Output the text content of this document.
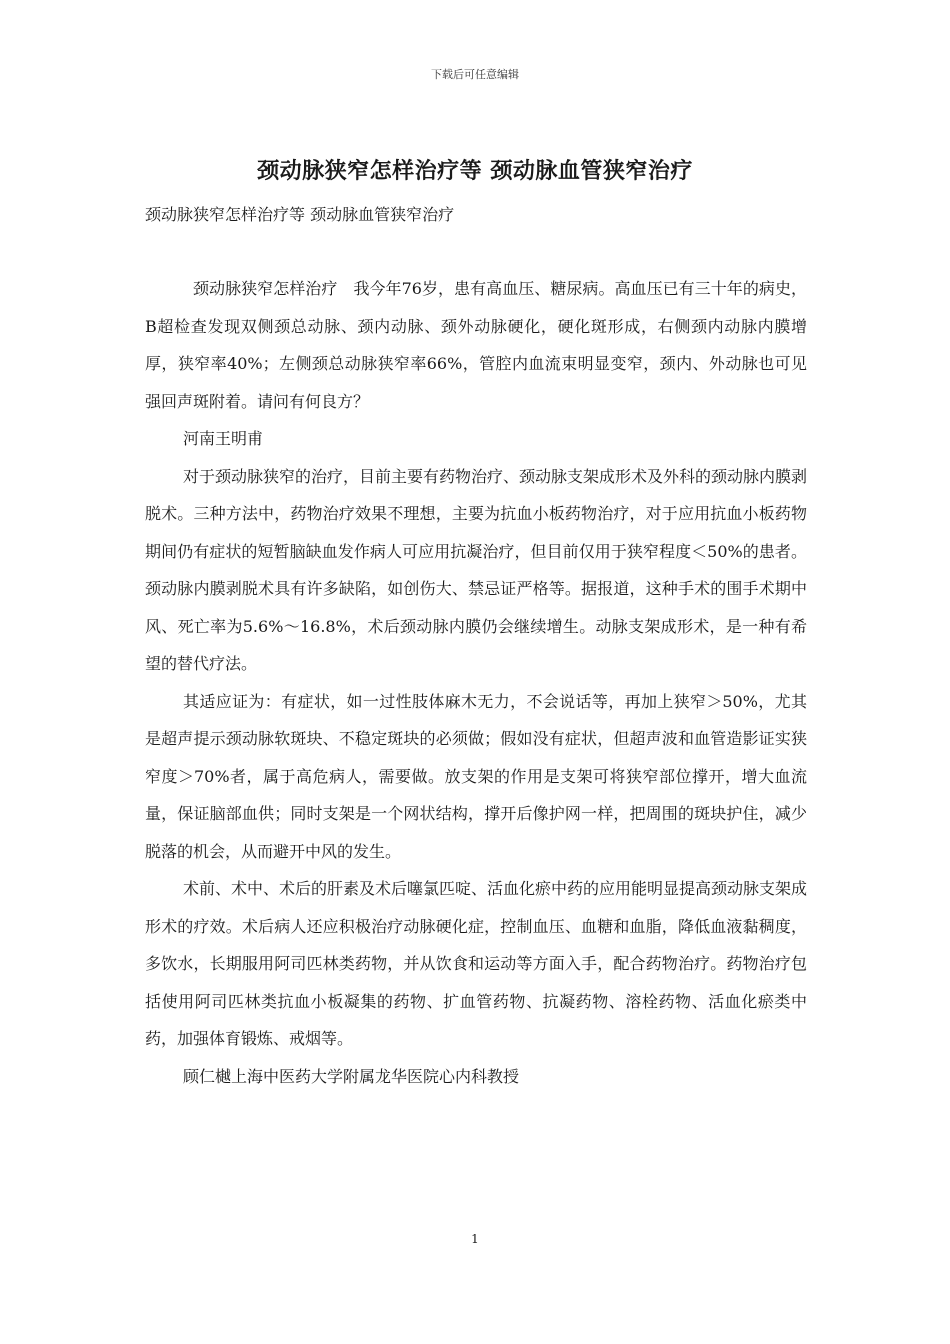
下载后可任意编辑
颈动脉狭窄怎样治疗等 颈动脉血管狭窄治疗
颈动脉狭窄怎样治疗等 颈动脉血管狭窄治疗

颈动脉狭窄怎样治疗　我今年76岁，患有高血压、糖尿病。高血压已有三十年的病史，B超检查发现双侧颈总动脉、颈内动脉、颈外动脉硬化，硬化斑形成，右侧颈内动脉内膜增厚，狭窄率40%；左侧颈总动脉狭窄率66%，管腔内血流束明显变窄，颈内、外动脉也可见强回声斑附着。请问有何良方？

河南王明甫

对于颈动脉狭窄的治疗，目前主要有药物治疗、颈动脉支架成形术及外科的颈动脉内膜剥脱术。三种方法中，药物治疗效果不理想，主要为抗血小板药物治疗，对于应用抗血小板药物期间仍有症状的短暂脑缺血发作病人可应用抗凝治疗，但目前仅用于狭窄程度＜50%的患者。颈动脉内膜剥脱术具有许多缺陷，如创伤大、禁忌证严格等。据报道，这种手术的围手术期中风、死亡率为5.6%～16.8%，术后颈动脉内膜仍会继续增生。动脉支架成形术，是一种有希望的替代疗法。

其适应证为：有症状，如一过性肢体麻木无力，不会说话等，再加上狭窄＞50%，尤其是超声提示颈动脉软斑块、不稳定斑块的必须做；假如没有症状，但超声波和血管造影证实狭窄度＞70%者，属于高危病人，需要做。放支架的作用是支架可将狭窄部位撑开，增大血流量，保证脑部血供；同时支架是一个网状结构，撑开后像护网一样，把周围的斑块护住，减少脱落的机会，从而避开中风的发生。

术前、术中、术后的肝素及术后噻氯匹啶、活血化瘀中药的应用能明显提高颈动脉支架成形术的疗效。术后病人还应积极治疗动脉硬化症，控制血压、血糖和血脂，降低血液黏稠度，多饮水，长期服用阿司匹林类药物，并从饮食和运动等方面入手，配合药物治疗。药物治疗包括使用阿司匹林类抗血小板凝集的药物、扩血管药物、抗凝药物、溶栓药物、活血化瘀类中药，加强体育锻炼、戒烟等。

顾仁樾上海中医药大学附属龙华医院心内科教授

1
